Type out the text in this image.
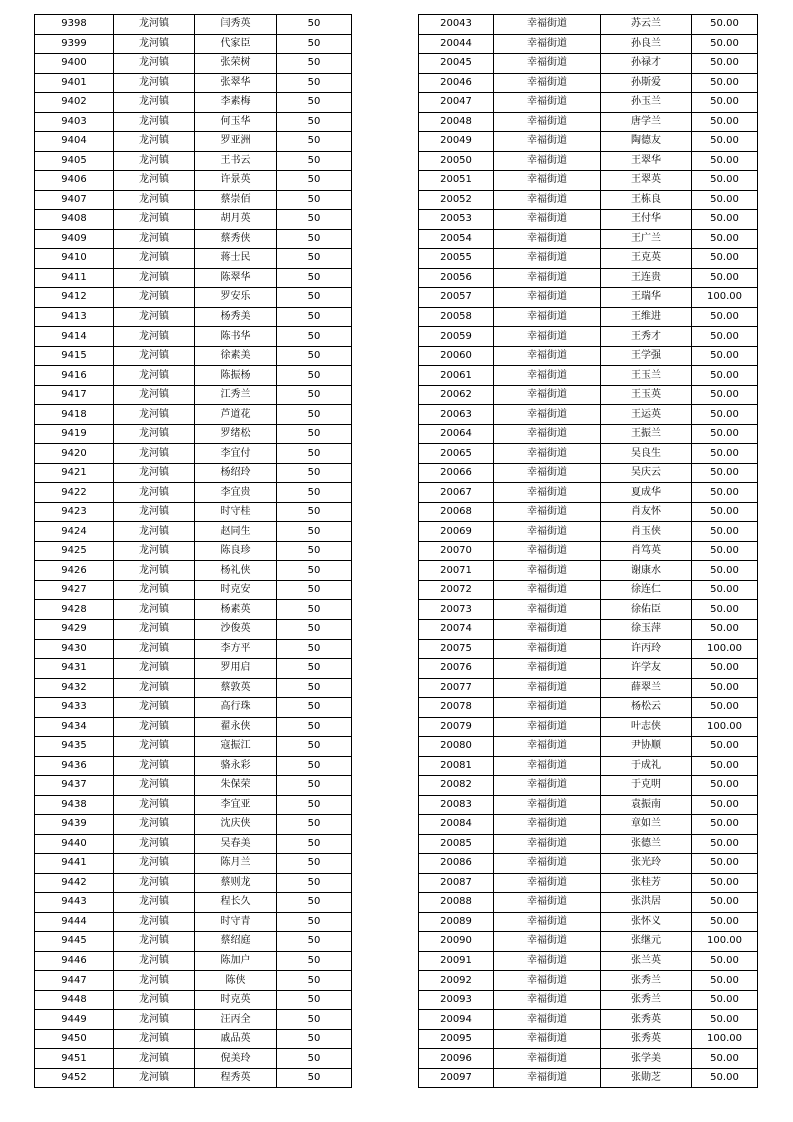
9398	龙河镇	闫秀英	50
9399	龙河镇	代家臣	50
9400	龙河镇	张荣树	50
9401	龙河镇	张翠华	50
9402	龙河镇	李素梅	50
9403	龙河镇	何玉华	50
9404	龙河镇	罗亚洲	50
9405	龙河镇	王书云	50
9406	龙河镇	许景英	50
9407	龙河镇	蔡崇佰	50
9408	龙河镇	胡月英	50
9409	龙河镇	蔡秀侠	50
9410	龙河镇	蒋士民	50
9411	龙河镇	陈翠华	50
9412	龙河镇	罗安乐	50
9413	龙河镇	杨秀美	50
9414	龙河镇	陈书华	50
9415	龙河镇	徐素美	50
9416	龙河镇	陈振杨	50
9417	龙河镇	江秀兰	50
9418	龙河镇	芦道花	50
9419	龙河镇	罗绪松	50
9420	龙河镇	李宜付	50
9421	龙河镇	杨绍玲	50
9422	龙河镇	李宜贵	50
9423	龙河镇	时守桂	50
9424	龙河镇	赵同生	50
9425	龙河镇	陈良珍	50
9426	龙河镇	杨礼侠	50
9427	龙河镇	时克安	50
9428	龙河镇	杨素英	50
9429	龙河镇	沙俊英	50
9430	龙河镇	李方平	50
9431	龙河镇	罗用启	50
9432	龙河镇	蔡敦英	50
9433	龙河镇	高行珠	50
9434	龙河镇	翟永侠	50
9435	龙河镇	寇振江	50
9436	龙河镇	骆永彩	50
9437	龙河镇	朱保荣	50
9438	龙河镇	李宜亚	50
9439	龙河镇	沈庆侠	50
9440	龙河镇	吴春美	50
9441	龙河镇	陈月兰	50
9442	龙河镇	蔡则龙	50
9443	龙河镇	程长久	50
9444	龙河镇	时守青	50
9445	龙河镇	蔡绍庭	50
9446	龙河镇	陈加户	50
9447	龙河镇	陈侠	50
9448	龙河镇	时克英	50
9449	龙河镇	汪丙全	50
9450	龙河镇	戚品英	50
9451	龙河镇	倪美玲	50
9452	龙河镇	程秀英	50
20043	幸福街道	苏云兰	50.00
20044	幸福街道	孙良兰	50.00
20045	幸福街道	孙禄才	50.00
20046	幸福街道	孙斯爱	50.00
20047	幸福街道	孙玉兰	50.00
20048	幸福街道	唐学兰	50.00
20049	幸福街道	陶德友	50.00
20050	幸福街道	王翠华	50.00
20051	幸福街道	王翠英	50.00
20052	幸福街道	王栋良	50.00
20053	幸福街道	王付华	50.00
20054	幸福街道	王广兰	50.00
20055	幸福街道	王克英	50.00
20056	幸福街道	王连贵	50.00
20057	幸福街道	王瑞华	100.00
20058	幸福街道	王维进	50.00
20059	幸福街道	王秀才	50.00
20060	幸福街道	王学强	50.00
20061	幸福街道	王玉兰	50.00
20062	幸福街道	王玉英	50.00
20063	幸福街道	王运英	50.00
20064	幸福街道	王振兰	50.00
20065	幸福街道	吴良生	50.00
20066	幸福街道	吴庆云	50.00
20067	幸福街道	夏成华	50.00
20068	幸福街道	肖友怀	50.00
20069	幸福街道	肖玉侠	50.00
20070	幸福街道	肖笃英	50.00
20071	幸福街道	谢康水	50.00
20072	幸福街道	徐连仁	50.00
20073	幸福街道	徐佑臣	50.00
20074	幸福街道	徐玉萍	50.00
20075	幸福街道	许丙玲	100.00
20076	幸福街道	许学友	50.00
20077	幸福街道	薛翠兰	50.00
20078	幸福街道	杨松云	50.00
20079	幸福街道	叶志侠	100.00
20080	幸福街道	尹协顺	50.00
20081	幸福街道	于成礼	50.00
20082	幸福街道	于克明	50.00
20083	幸福街道	袁振南	50.00
20084	幸福街道	章如兰	50.00
20085	幸福街道	张德兰	50.00
20086	幸福街道	张光玲	50.00
20087	幸福街道	张桂芳	50.00
20088	幸福街道	张洪居	50.00
20089	幸福街道	张怀义	50.00
20090	幸福街道	张继元	100.00
20091	幸福街道	张兰英	50.00
20092	幸福街道	张秀兰	50.00
20093	幸福街道	张秀兰	50.00
20094	幸福街道	张秀英	50.00
20095	幸福街道	张秀英	100.00
20096	幸福街道	张学美	50.00
20097	幸福街道	张勋芝	50.00
